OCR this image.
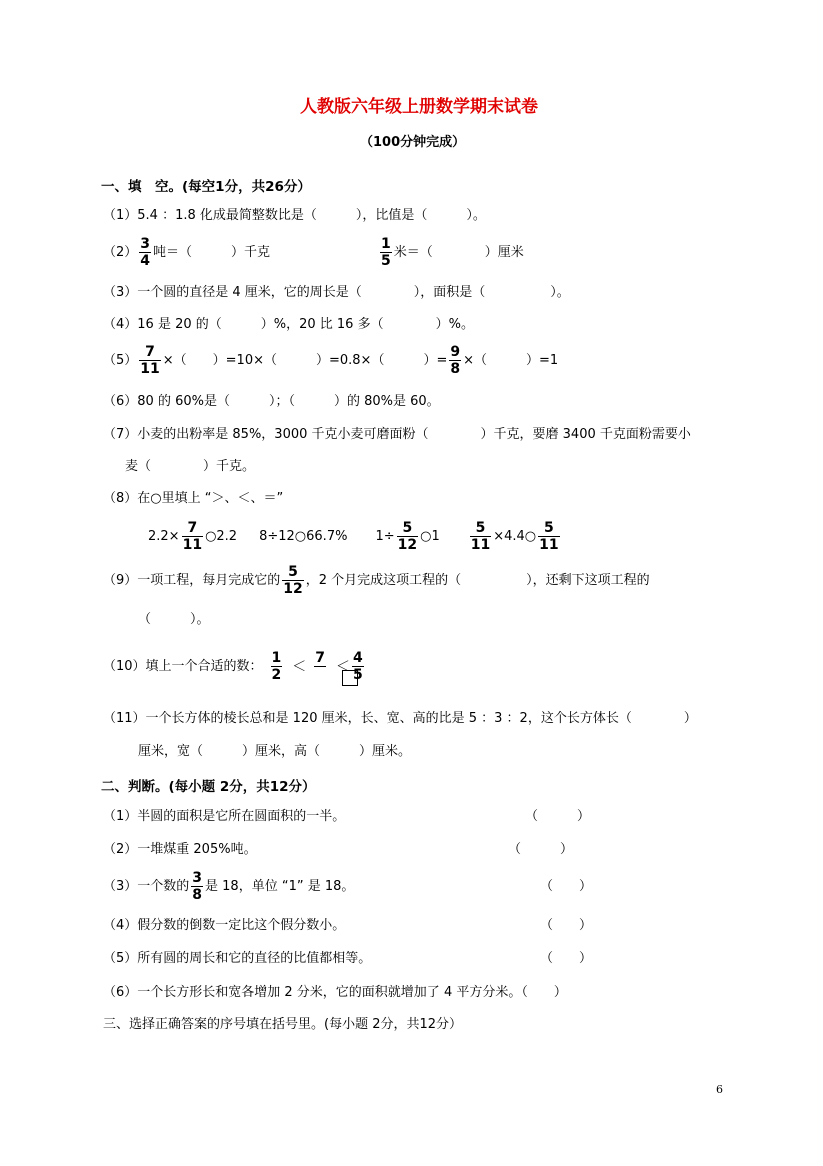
人教版六年级上册数学期末试卷
（100分钟完成）
一、填　空。(每空1分，共26分）
（1）5.4 ：1.8 化成最简整数比是（　　　），比值是（　　　）。
$(2) \frac{3}{4}$ 吨＝（　　　）千克	$\frac{1}{5}$ 米＝（　　　　）厘米
（3）一个圆的直径是 4 厘米，它的周长是（　　　　），面积是（　　　　　）。
（4）16 是 20 的（　　　）%，20 比 16 多（　　　　）%。
$(5) \frac{7}{11}$ ×（　　）=10×（　　　）=0.8×（　　　）= $\frac{9}{8}$ ×（　　　）=1
（6）80 的 60%是（　　　）；（　　　）的 80%是 60。
（7）小麦的出粉率是 85%，3000 千克小麦可磨面粉（　　　　）千克，要磨 3400 千克面粉需要小
麦（　　　　）千克。
（8）在○里填上 “＞、＜、＝”
$2.2\times \frac{7}{11}$ ○2.2 8÷12○66.7% $1\div \frac{5}{12}$ ○1 $\frac{5}{11}$ ×4.4○ $\frac{5}{11}$
（9）一项工程，每月完成它的 $\frac{5}{12}$ ，2 个月完成这项工程的（　　　　　），还剩下这项工程的
（　　　）。
（10）填上一个合适的数： $\frac{1}{2}$ ＜
7

＜ $\frac{4}{5}$
（11）一个长方体的棱长总和是 120 厘米，长、宽、高的比是 5 ：3 ：2，这个长方体长（　　　　）
厘米，宽（　　　）厘米，高（　　　）厘米。
二、判断。(每小题 2分，共12分）
（1）半圆的面积是它所在圆面积的一半。	（　　　）
（2）一堆煤重 205%吨。	（　　　）
（3）一个数的 $\frac{3}{8}$ 是 18，单位 “1” 是 18。	（　　）
（4）假分数的倒数一定比这个假分数小。	（　　）
（5）所有圆的周长和它的直径的比值都相等。	（　　）
（6）一个长方形长和宽各增加 2 分米，它的面积就增加了 4 平方分米。（　　）
三、选择正确答案的序号填在括号里。(每小题 2分，共12分）
6
